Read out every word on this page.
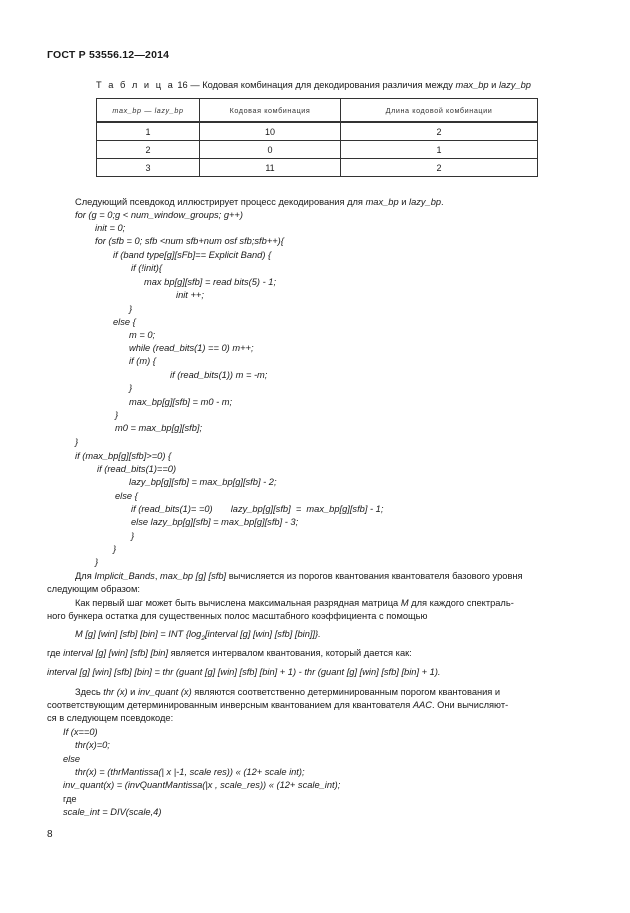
ГОСТ Р 53556.12—2014
Т а б л и ц а 16 — Кодовая комбинация для декодирования различия между max_bp и lazy_bp
max_bp — lazy_bp	Кодовая комбинация	Длина кодовой комбинации
1	10	2
2	0	1
3	11	2
Следующий псевдокод иллюстрирует процесс декодирования для max_bp и lazy_bp.
for (g = 0;g < num_window_groups; g++)
init = 0;
for (sfb = 0; sfb <num sfb+num osf sfb;sfb++){
if (band type[g][sFb]== Explicit Band) {
if (!init){
max bp[g][sfb] = read bits(5) - 1;
init ++;
}
else {
m = 0;
while (read_bits(1) == 0) m++;
if (m) {
if (read_bits(1)) m = -m;
}
max_bp[g][sfb] = m0 - m;
}
m0 = max_bp[g][sfb];
}
if (max_bp[g][sfb]>=0) {
if (read_bits(1)==0)
lazy_bp[g][sfb] = max_bp[g][sfb] - 2;
else {
if (read_bits(1)= =0)       lazy_bp[g][sfb]  =  max_bp[g][sfb] - 1;
else lazy_bp[g][sfb] = max_bp[g][sfb] - 3;
}
}
}
Для Implicit_Bands, max_bp [g] [sfb] вычисляется из порогов квантования квантователя базового уровня
следующим образом:
Как первый шаг может быть вычислена максимальная разрядная матрица M для каждого спектраль-
ного бункера остатка для существенных полос масштабного коэффициента с помощью
M [g] [win] [sfb] [bin] = INT {$\log_2[interval$ [g] [win] [sfb] [bin]]}.
где interval [g] [win] [sfb] [bin] является интервалом квантования, который дается как:
interval [g] [win] [sfb] [bin] = thr (guant [g] [win] [sfb] [bin] + 1) - thr (guant [g] [win] [sfb] [bin] + 1).
Здесь thr (x) и inv_quant (x) являются соответственно детерминированным порогом квантования и
соответствующим детерминированным инверсным квантованием для квантователя AAC. Они вычисляют-
ся в следующем псевдокоде:
If (x==0)
thr(x)=0;
else
thr(x) = (thrMantissa(| x |-1, scale res)) « (12+ scale int);
inv_quant(x) = (invQuantMantissa(|x , scale_res)) « (12+ scale_int);
где
scale_int = DIV(scale,4)
8
